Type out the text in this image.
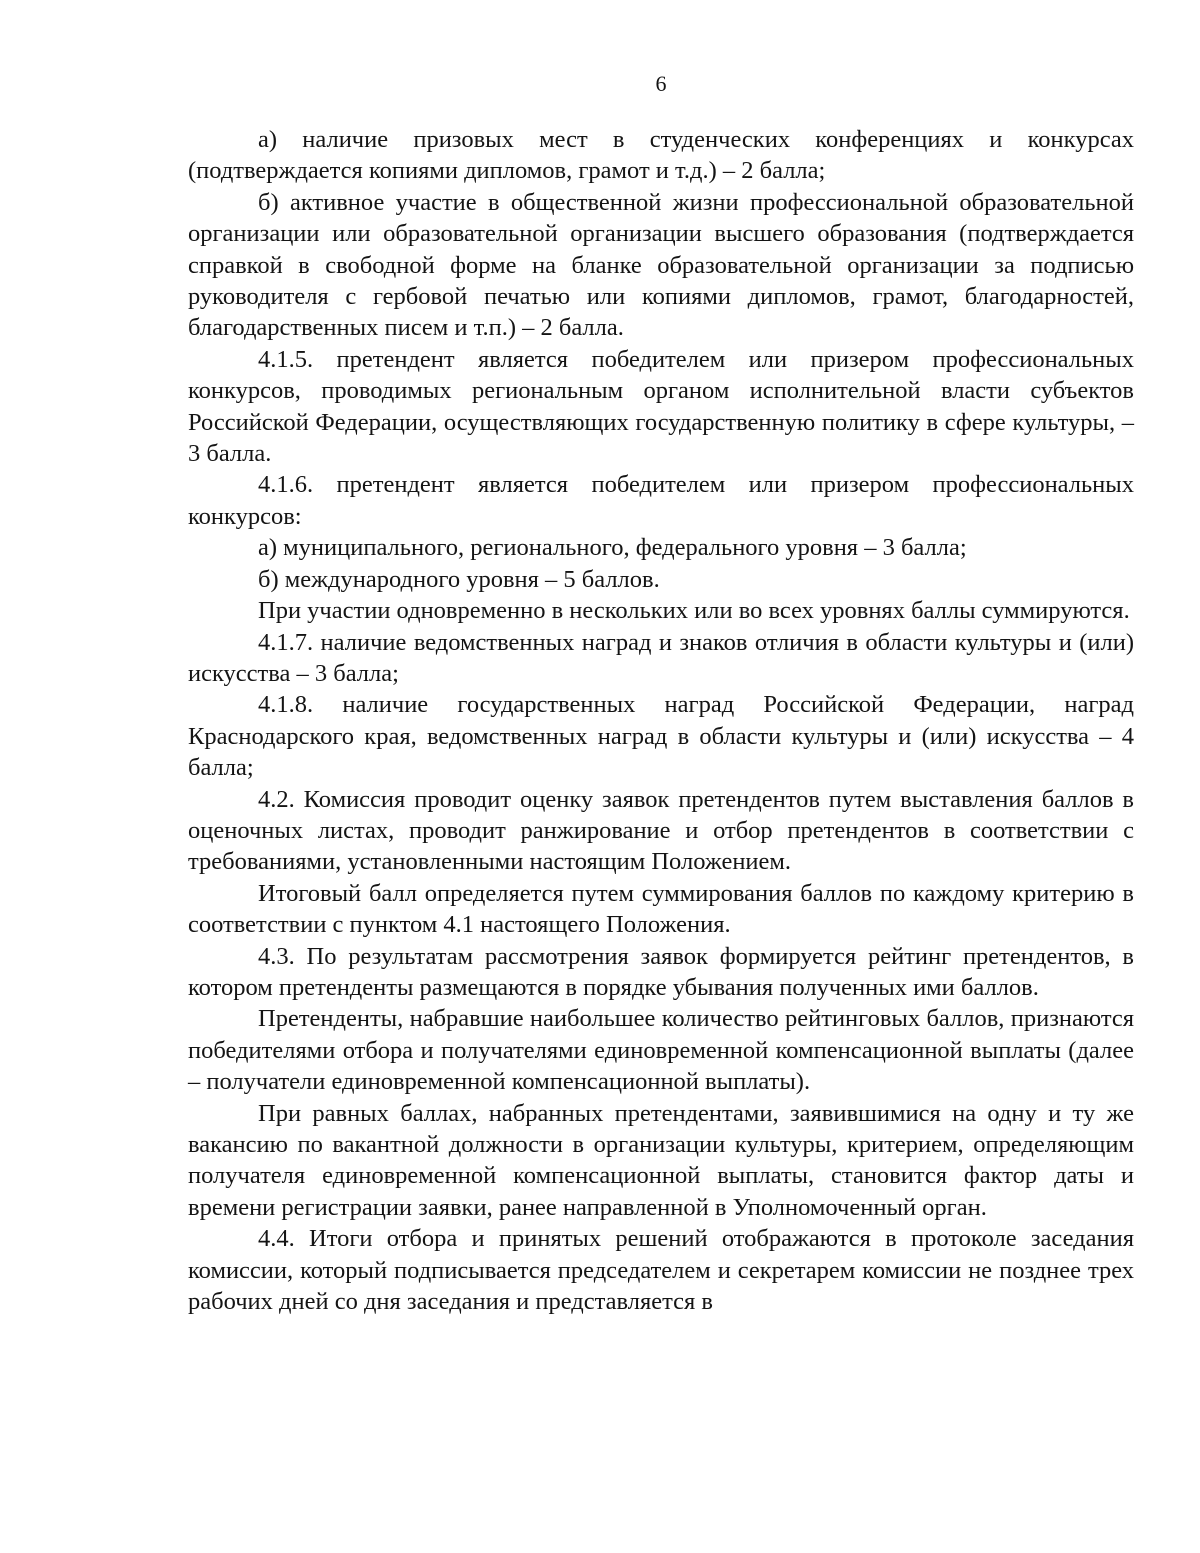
6

а) наличие призовых мест в студенческих конференциях и конкурсах (подтверждается копиями дипломов, грамот и т.д.) – 2 балла;

б) активное участие в общественной жизни профессиональной образовательной организации или образовательной организации высшего образования (подтверждается справкой в свободной форме на бланке образовательной организации за подписью руководителя с гербовой печатью или копиями дипломов, грамот, благодарностей, благодарственных писем и т.п.) – 2 балла.

4.1.5. претендент является победителем или призером профессиональных конкурсов, проводимых региональным органом исполнительной власти субъектов Российской Федерации, осуществляющих государственную политику в сфере культуры, – 3 балла.

4.1.6. претендент является победителем или призером профессиональных конкурсов:

а) муниципального, регионального, федерального уровня – 3 балла;

б) международного уровня – 5 баллов.

При участии одновременно в нескольких или во всех уровнях баллы суммируются.

4.1.7. наличие ведомственных наград и знаков отличия в области культуры и (или) искусства – 3 балла;

4.1.8. наличие государственных наград Российской Федерации, наград Краснодарского края, ведомственных наград в области культуры и (или) искусства – 4 балла;

4.2. Комиссия проводит оценку заявок претендентов путем выставления баллов в оценочных листах, проводит ранжирование и отбор претендентов в соответствии с требованиями, установленными настоящим Положением.

Итоговый балл определяется путем суммирования баллов по каждому критерию в соответствии с пунктом 4.1 настоящего Положения.

4.3. По результатам рассмотрения заявок формируется рейтинг претендентов, в котором претенденты размещаются в порядке убывания полученных ими баллов.

Претенденты, набравшие наибольшее количество рейтинговых баллов, признаются победителями отбора и получателями единовременной компенсационной выплаты (далее – получатели единовременной компенсационной выплаты).

При равных баллах, набранных претендентами, заявившимися на одну и ту же вакансию по вакантной должности в организации культуры, критерием, определяющим получателя единовременной компенсационной выплаты, становится фактор даты и времени регистрации заявки, ранее направленной в Уполномоченный орган.

4.4. Итоги отбора и принятых решений отображаются в протоколе заседания комиссии, который подписывается председателем и секретарем комиссии не позднее трех рабочих дней со дня заседания и представляется в
